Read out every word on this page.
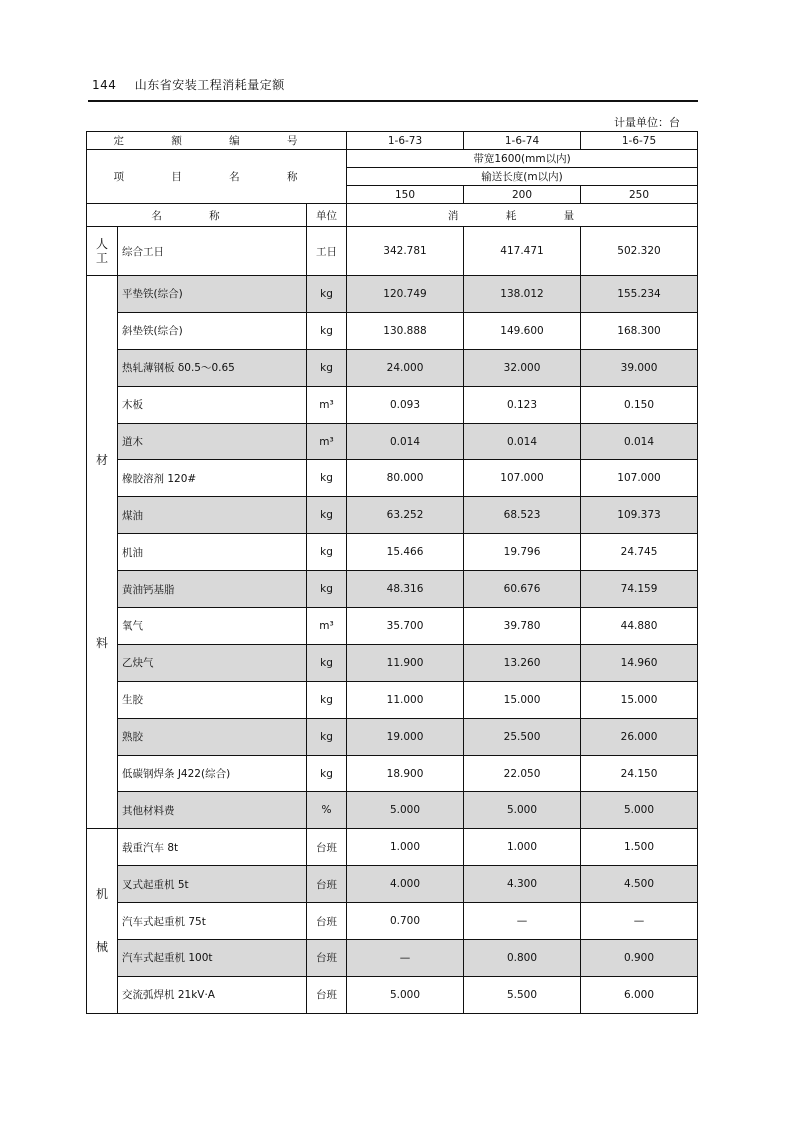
144 山东省安装工程消耗量定额
计量单位：台
定 额 编 号			1-6-73	1-6-74	1-6-75
项 目 名 称			带宽1600(mm以内)		
			输送长度(m以内)		
			150	200	250
名 称		单位	消 耗 量		

人工	综合工日	工日	342.781	417.471	502.320

材
料	平垫铁(综合)	kg	120.749	138.012	155.234
	斜垫铁(综合)	kg	130.888	149.600	168.300
	热轧薄钢板 δ0.5～0.65	kg	24.000	32.000	39.000
	木板	m³	0.093	0.123	0.150
	道木	m³	0.014	0.014	0.014
	橡胶溶剂 120#	kg	80.000	107.000	107.000
	煤油	kg	63.252	68.523	109.373
	机油	kg	15.466	19.796	24.745
	黄油钙基脂	kg	48.316	60.676	74.159
	氧气	m³	35.700	39.780	44.880
	乙炔气	kg	11.900	13.260	14.960
	生胶	kg	11.000	15.000	15.000
	熟胶	kg	19.000	25.500	26.000
	低碳钢焊条 J422(综合)	kg	18.900	22.050	24.150
	其他材料费	%	5.000	5.000	5.000

机
械	载重汽车 8t	台班	1.000	1.000	1.500
	叉式起重机 5t	台班	4.000	4.300	4.500
	汽车式起重机 75t	台班	0.700	—	—
	汽车式起重机 100t	台班	—	0.800	0.900
	交流弧焊机 21kV·A	台班	5.000	5.500	6.000
